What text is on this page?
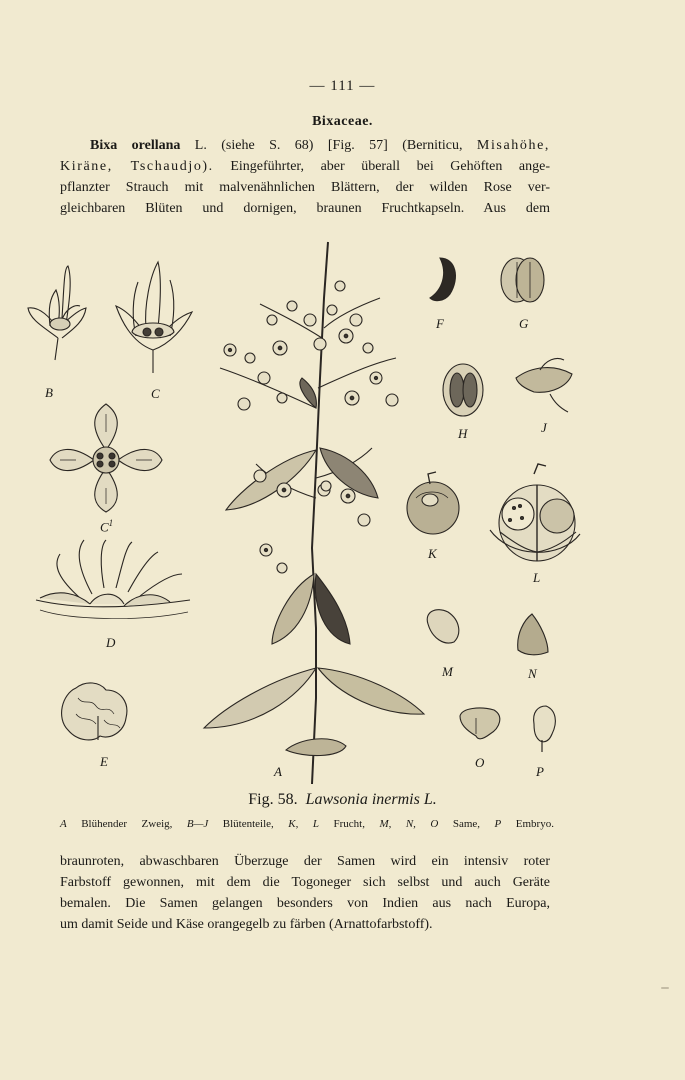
— 111 —
Bixaceae.
Bixa orellana L. (siehe S. 68) [Fig. 57] (Berniticu, Misahöhe,
Kiräne, Tschaudjo). Eingeführter, aber überall bei Gehöften ange-
pflanzter Strauch mit malvenähnlichen Blättern, der wilden Rose ver-
gleichbaren Blüten und dornigen, braunen Fruchtkapseln. Aus dem
B	C
$C^1$
D
E
A
F	G
H	J
K
L
M	N
O
P
Fig. 58. Lawsonia inermis L.
A Blühender Zweig, B—J Blütenteile, K, L Frucht, M, N, O Same, P Embryo.
braunroten, abwaschbaren Überzuge der Samen wird ein intensiv roter
Farbstoff gewonnen, mit dem die Togoneger sich selbst und auch Geräte
bemalen. Die Samen gelangen besonders von Indien aus nach Europa,
um damit Seide und Käse orangegelb zu färben (Arnattofarbstoff).
